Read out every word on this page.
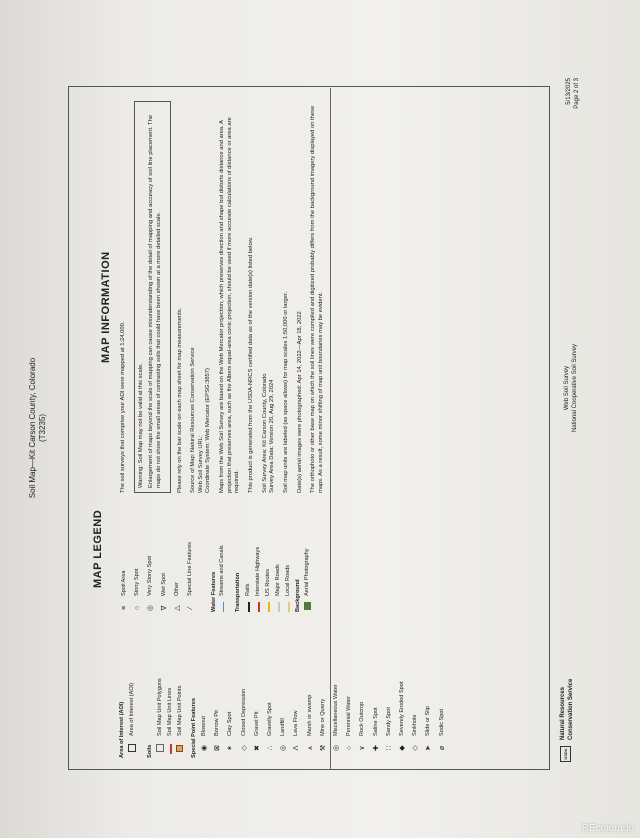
Soil Map—Kit Carson County, Colorado (T3235)
MAP LEGEND
Area of Interest (AOI) Area of Interest (AOI)
Soils
Soil Map Unit Polygons Soil Map Unit Lines Soil Map Unit Points Special Point Features ◉
Blowout
⊠
Borrow Pit
✶
Clay Spot
◇
Closed Depression
✖
Gravel Pit
∴
Gravelly Spot
◎
Landfill
Λ
Lava Flow
⩚
Marsh or swamp
⚒
Mine or Quarry
◎
Miscellaneous Water
○
Perennial Water
∨
Rock Outcrop
✚
Saline Spot
∷
Sandy Spot
◆
Severely Eroded Spot
◇
Sinkhole
➤
Slide or Slip
ø
Sodic Spot
≡
Spoil Area
○
Stony Spot
◎
Very Stony Spot
∇
Wet Spot
△
Other
⁄
Special Line Features	Water Features Streams and Canals Transportation Rails Interstate Highways US Routes Major Roads Local Roads Background Aerial Photography
MAP INFORMATION

The soil surveys that comprise your AOI were mapped at 1:24,000. Warning: Soil Map may not be valid at this scale. Enlargement of maps beyond the scale of mapping can cause misunderstanding of the detail of mapping and accuracy of soil line placement. The maps do not show the small areas of contrasting soils that could have been shown at a more detailed scale.	Please rely on the bar scale on each map sheet for map measurements. Source of Map: Natural Resources Conservation Service
Web Soil Survey URL: Coordinate System: Web Mercator (EPSG:3857) Maps from the Web Soil Survey are based on the Web Mercator projection, which preserves direction and shape but distorts distance and area. A projection that preserves area, such as the Albers equal-area conic projection, should be used if more accurate calculations of distance or area are required. This product is generated from the USDA-NRCS certified data as of the version date(s) listed below. Soil Survey Area: Kit Carson County, Colorado
Survey Area Data: Version 20, Aug 29, 2024 Soil map units are labeled (as space allows) for map scales 1:50,000 or larger. Date(s) aerial images were photographed: Apr 14, 2022—Apr 18, 2022 The orthophoto or other base map on which the soil lines were compiled and digitized probably differs from the background imagery displayed on these maps. As a result, some minor shifting of map unit boundaries may be evident.

USDA
Natural Resources Conservation Service
Web Soil Survey National Cooperative Soil Survey
5/13/2025 Page 2 of 3
REcolorado
